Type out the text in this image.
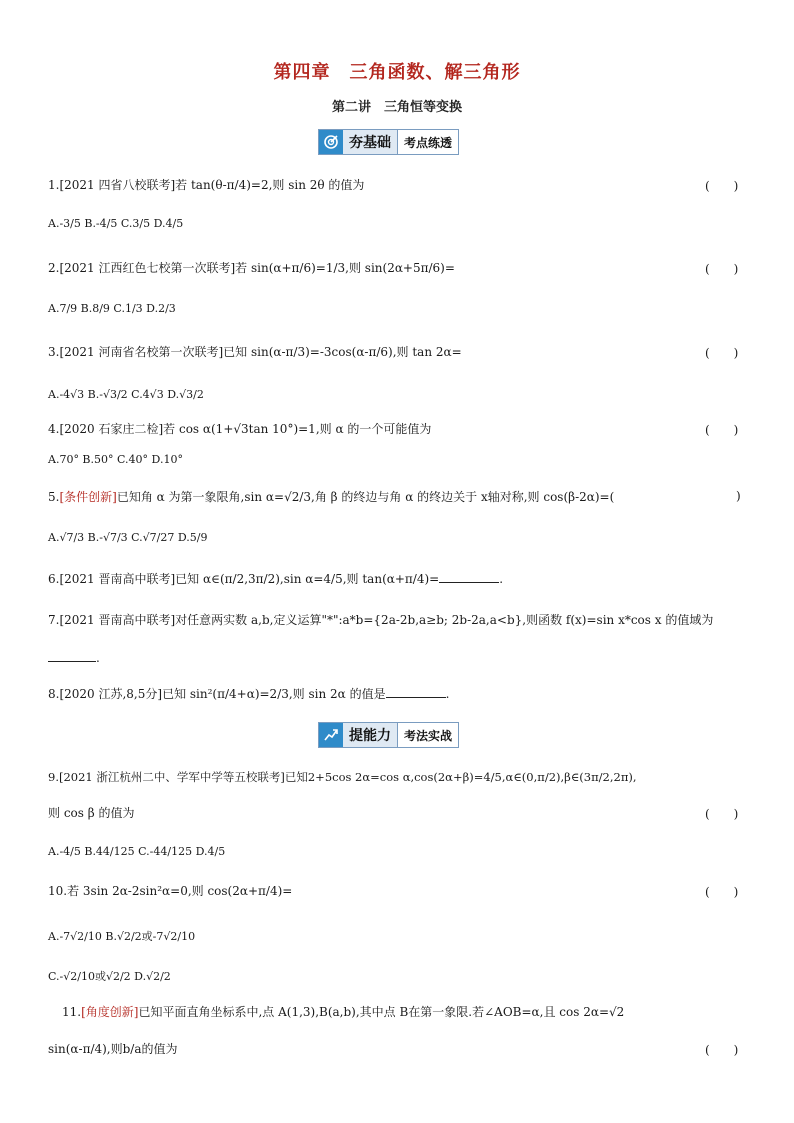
第四章　三角函数、解三角形
第二讲　三角恒等变换
夯基础	考点练透
1.[2021 四省八校联考]若 tan(θ-π/4)=2,则 sin 2θ 的值为	(　　)
A.-3/5 B.-4/5 C.3/5 D.4/5
2.[2021 江西红色七校第一次联考]若 sin(α+π/6)=1/3,则 sin(2α+5π/6)=	(　　)
A.7/9 B.8/9 C.1/3 D.2/3
3.[2021 河南省名校第一次联考]已知 sin(α-π/3)=-3cos(α-π/6),则 tan 2α=	(　　)
A.-4√3 B.-√3/2 C.4√3 D.√3/2
4.[2020 石家庄二检]若 cos α(1+√3tan 10°)=1,则 α 的一个可能值为	(　　)
A.70° B.50° C.40° D.10°
5.[条件创新]已知角 α 为第一象限角,sin α=√2/3,角 β 的终边与角 α 的终边关于 x轴对称,则 cos(β-2α)=(	)
A.√7/3 B.-√7/3 C.√7/27 D.5/9
6.[2021 晋南高中联考]已知 α∈(π/2,3π/2),sin α=4/5,则 tan(α+π/4)=	.
7.[2021 晋南高中联考]对任意两实数 a,b,定义运算"*":a*b={2a-2b,a≥b; 2b-2a,a<b},则函数 f(x)=sin x*cos x 的值域为
.
8.[2020 江苏,8,5分]已知 sin²(π/4+α)=2/3,则 sin 2α 的值是	.
提能力	考法实战
9.[2021 浙江杭州二中、学军中学等五校联考]已知2+5cos 2α=cos α,cos(2α+β)=4/5,α∈(0,π/2),β∈(3π/2,2π),
则 cos β 的值为	(　　)
A.-4/5 B.44/125 C.-44/125 D.4/5
10.若 3sin 2α-2sin²α=0,则 cos(2α+π/4)=	(　　)
A.-7√2/10 B.√2/2或-7√2/10
C.-√2/10或√2/2 D.√2/2
11.[角度创新]已知平面直角坐标系中,点 A(1,3),B(a,b),其中点 B在第一象限.若∠AOB=α,且 cos 2α=√2
sin(α-π/4),则b/a的值为	(　　)
